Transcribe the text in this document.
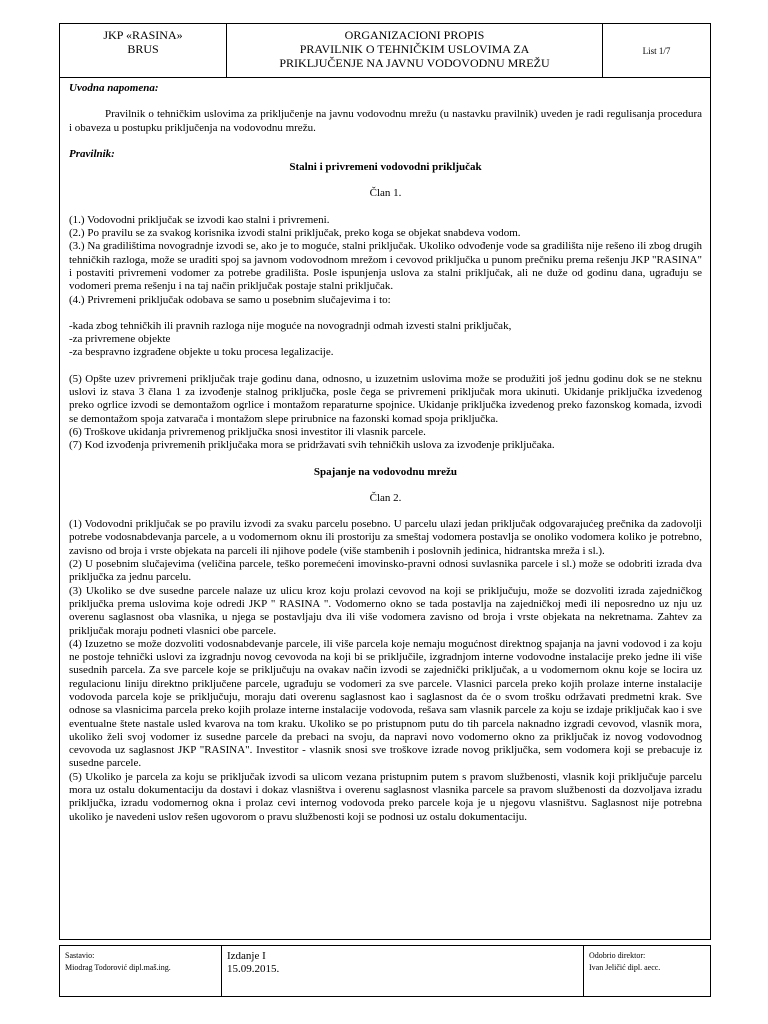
JKP «RASINA»
BRUS
ORGANIZACIONI PROPIS
PRAVILNIK O TEHNIČKIM USLOVIMA ZA
PRIKLJUČENJE NA JAVNU VODOVODNU MREŽU
List 1/7

Uvodna napomena:

Pravilnik o tehničkim uslovima za priključenje na javnu vodovodnu mrežu (u nastavku pravilnik) uveden je radi regulisanja procedura i obaveza u postupku priključenja na vodovodnu mrežu.

Pravilnik:

Stalni i privremeni vodovodni priključak

Član 1.

(1.) Vodovodni priključak se izvodi kao stalni i privremeni.

(2.) Po pravilu se za svakog korisnika izvodi stalni priključak, preko koga se objekat snabdeva vodom.

(3.) Na gradilištima novogradnje izvodi se, ako je to moguće, stalni priključak. Ukoliko odvođenje vode sa gradilišta nije rešeno ili zbog drugih tehničkih razloga, može se uraditi spoj sa javnom vodovodnom mrežom i cevovod priključka u punom prečniku prema rešenju JKP "RASINA" i postaviti privremeni vodomer za potrebe gradilišta. Posle ispunjenja uslova za stalni priključak, ali ne duže od godinu dana, ugrađuju se vodomeri prema rešenju i na taj način priključak postaje stalni priključak.

(4.) Privremeni priključak odobava se samo u posebnim slučajevima i to:

-kada zbog tehničkih ili pravnih razloga nije moguće na novogradnji odmah izvesti stalni priključak,

-za privremene objekte

-za bespravno izgrađene objekte u toku procesa legalizacije.

(5) Opšte uzev privremeni priključak traje godinu dana, odnosno, u izuzetnim uslovima može se produžiti još jednu godinu dok se ne steknu uslovi iz stava 3 člana 1 za izvođenje stalnog priključka, posle čega se privremeni priključak mora ukinuti. Ukidanje priključka izvedenog preko ogrlice izvodi se demontažom ogrlice i montažom reparaturne spojnice. Ukidanje priključka izvedenog preko fazonskog komada, izvodi se demontažom spoja zatvarača i montažom slepe prirubnice na fazonski komad spoja priključka.

(6) Troškove ukidanja privremenog priključka snosi investitor ili vlasnik parcele.

(7) Kod izvođenja privremenih priključaka mora se pridržavati svih tehničkih uslova za izvođenje priključaka.

Spajanje na vodovodnu mrežu

Član 2.

(1) Vodovodni priključak se po pravilu izvodi za svaku parcelu posebno. U parcelu ulazi jedan priključak odgovarajućeg prečnika da zadovolji potrebe vodosnabdevanja parcele, a u vodomernom oknu ili prostoriju za smeštaj vodomera postavlja se onoliko vodomera koliko je potrebno, zavisno od broja i vrste objekata na parceli ili njihove podele (više stambenih i poslovnih jedinica, hidrantska mreža i sl.).

(2) U posebnim slučajevima (veličina parcele, teško poremećeni imovinsko-pravni odnosi suvlasnika parcele i sl.) može se odobriti izrada dva priključka za jednu parcelu.

(3) Ukoliko se dve susedne parcele nalaze uz ulicu kroz koju prolazi cevovod na koji se priključuju, može se dozvoliti izrada zajedničkog priključka prema uslovima koje odredi JKP " RASINA ". Vodomerno okno se tada postavlja na zajedničkoj međi ili neposredno uz nju uz overenu saglasnost oba vlasnika, u njega se postavljaju dva ili više vodomera zavisno od broja i vrste objekata na nekretnama. Zahtev za priključak moraju podneti vlasnici obe parcele.

(4) Izuzetno se može dozvoliti vodosnabdevanje parcele, ili više parcela koje nemaju mogućnost direktnog spajanja na javni vodovod i za koju ne postoje tehnički uslovi za izgradnju novog cevovoda na koji bi se priključile, izgradnjom interne vodovodne instalacije preko jedne ili više susednih parcela. Za sve parcele koje se priključuju na ovakav način izvodi se zajednički priključak, a u vodomernom oknu koje se locira uz regulacionu liniju direktno priključene parcele, ugrađuju se vodomeri za sve parcele. Vlasnici parcela preko kojih prolaze interne instalacije vodovoda parcela koje se priključuju, moraju dati overenu saglasnost kao i saglasnost da će o svom trošku održavati predmetni krak. Sve odnose sa vlasnicima parcela preko kojih prolaze interne instalacije vodovoda, rešava sam vlasnik parcele za koju se izdaje priključak kao i sve eventualne štete nastale usled kvarova na tom kraku. Ukoliko se po pristupnom putu do tih parcela naknadno izgradi cevovod, vlasnik mora, ukoliko želi svoj vodomer iz susedne parcele da prebaci na svoju, da napravi novo vodomerno okno za priključak iz novog vodovodnog cevovoda uz saglasnost JKP "RASINA". Investitor - vlasnik snosi sve troškove izrade novog priključka, sem vodomera koji se prebacuje iz susedne parcele.

(5) Ukoliko je parcela za koju se priključak izvodi sa ulicom vezana pristupnim putem s pravom službenosti, vlasnik koji priključuje parcelu mora uz ostalu dokumentaciju da dostavi i dokaz vlasništva i overenu saglasnost vlasnika parcele sa pravom službenosti da dozvoljava izradu priključka, izradu vodomernog okna i prolaz cevi internog vodovoda preko parcele koja je u njegovu vlasništvu. Saglasnost nije potrebna ukoliko je navedeni uslov rešen ugovorom o pravu službenosti koji se podnosi uz ostalu dokumentaciju.

Sastavio:
Miodrag Todorović dipl.maš.ing.
Izdanje I
15.09.2015.
Odobrio direktor:
Ivan Jeličić dipl. aecc.
